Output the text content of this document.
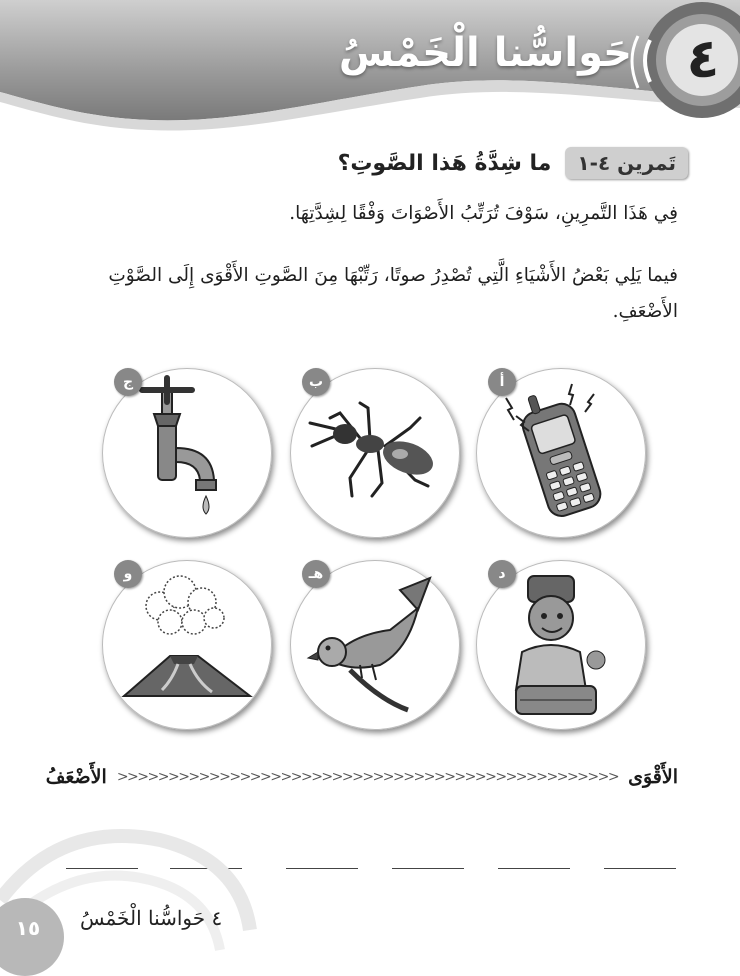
حَواسُّنا الْخَمْسُ ٤
تَمرين ٤-١
ما شِدَّةُ هَذا الصَّوتِ؟
فِي هَذَا التَّمرِينِ، سَوْفَ تُرَتِّبُ الأَصْوَاتَ وَفْقًا لِشِدَّتِهَا.
فيما يَلِي بَعْضُ الأَشْيَاءِ الَّتِي تُصْدِرُ صوتًا، رَتِّبْهَا مِنَ الصَّوتِ الأَقْوَى إِلَى الصَّوْتِ الأَضْعَفِ.
أ
ب
ج
د
هـ
و
الأَقْوَى
<<<<<<<<<<<<<<<<<<<<<<<<<<<<<<<<<<<<<<<<<<<<<<<<<
الأَضْعَفُ
١٥	٤ حَواسُّنا الْخَمْسُ
